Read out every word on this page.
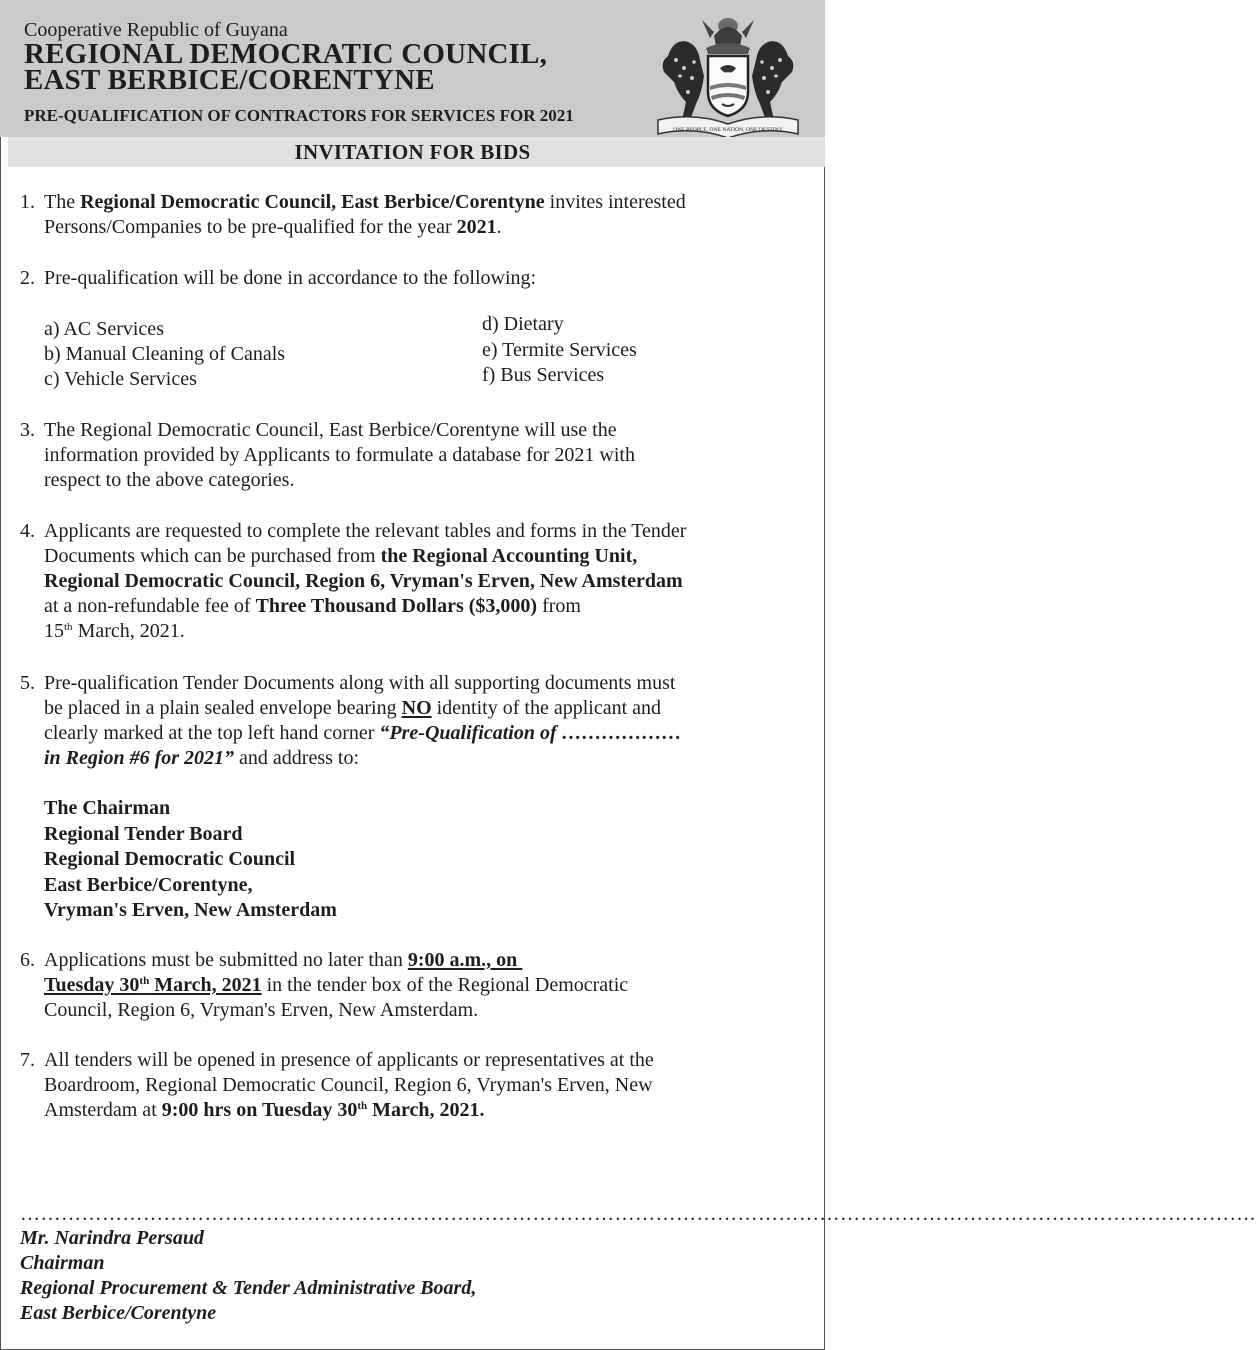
Cooperative Republic of Guyana
REGIONAL DEMOCRATIC COUNCIL,
EAST BERBICE/CORENTYNE
PRE-QUALIFICATION OF CONTRACTORS FOR SERVICES FOR 2021
ONE PEOPLE, ONE NATION, ONE DESTINY
INVITATION FOR BIDS
1. The Regional Democratic Council, East Berbice/Corentyne invites interested
Persons/Companies to be pre-qualified for the year 2021.
2. Pre-qualification will be done in accordance to the following:
a) AC Services
b) Manual Cleaning of Canals
c) Vehicle Services
d) Dietary
e) Termite Services
f) Bus Services
3. The Regional Democratic Council, East Berbice/Corentyne will use the
information provided by Applicants to formulate a database for 2021 with
respect to the above categories.
4. Applicants are requested to complete the relevant tables and forms in the Tender
Documents which can be purchased from the Regional Accounting Unit,
Regional Democratic Council, Region 6, Vryman's Erven, New Amsterdam
at a non-refundable fee of Three Thousand Dollars ($3,000) from
15th March, 2021.
5. Pre-qualification Tender Documents along with all supporting documents must
be placed in a plain sealed envelope bearing NO identity of the applicant and
clearly marked at the top left hand corner “Pre-Qualification of ………………
in Region #6 for 2021” and address to:
The Chairman
Regional Tender Board
Regional Democratic Council
East Berbice/Corentyne,
Vryman's Erven, New Amsterdam
6. Applications must be submitted no later than 9:00 a.m., on
Tuesday 30th March, 2021 in the tender box of the Regional Democratic
Council, Region 6, Vryman's Erven, New Amsterdam.
7. All tenders will be opened in presence of applicants or representatives at the
Boardroom, Regional Democratic Council, Region 6, Vryman's Erven, New
Amsterdam at 9:00 hrs on Tuesday 30th March, 2021.
……………………………………………………………………………………………………………………………………………………………….
Mr. Narindra Persaud
Chairman
Regional Procurement & Tender Administrative Board,
East Berbice/Corentyne
